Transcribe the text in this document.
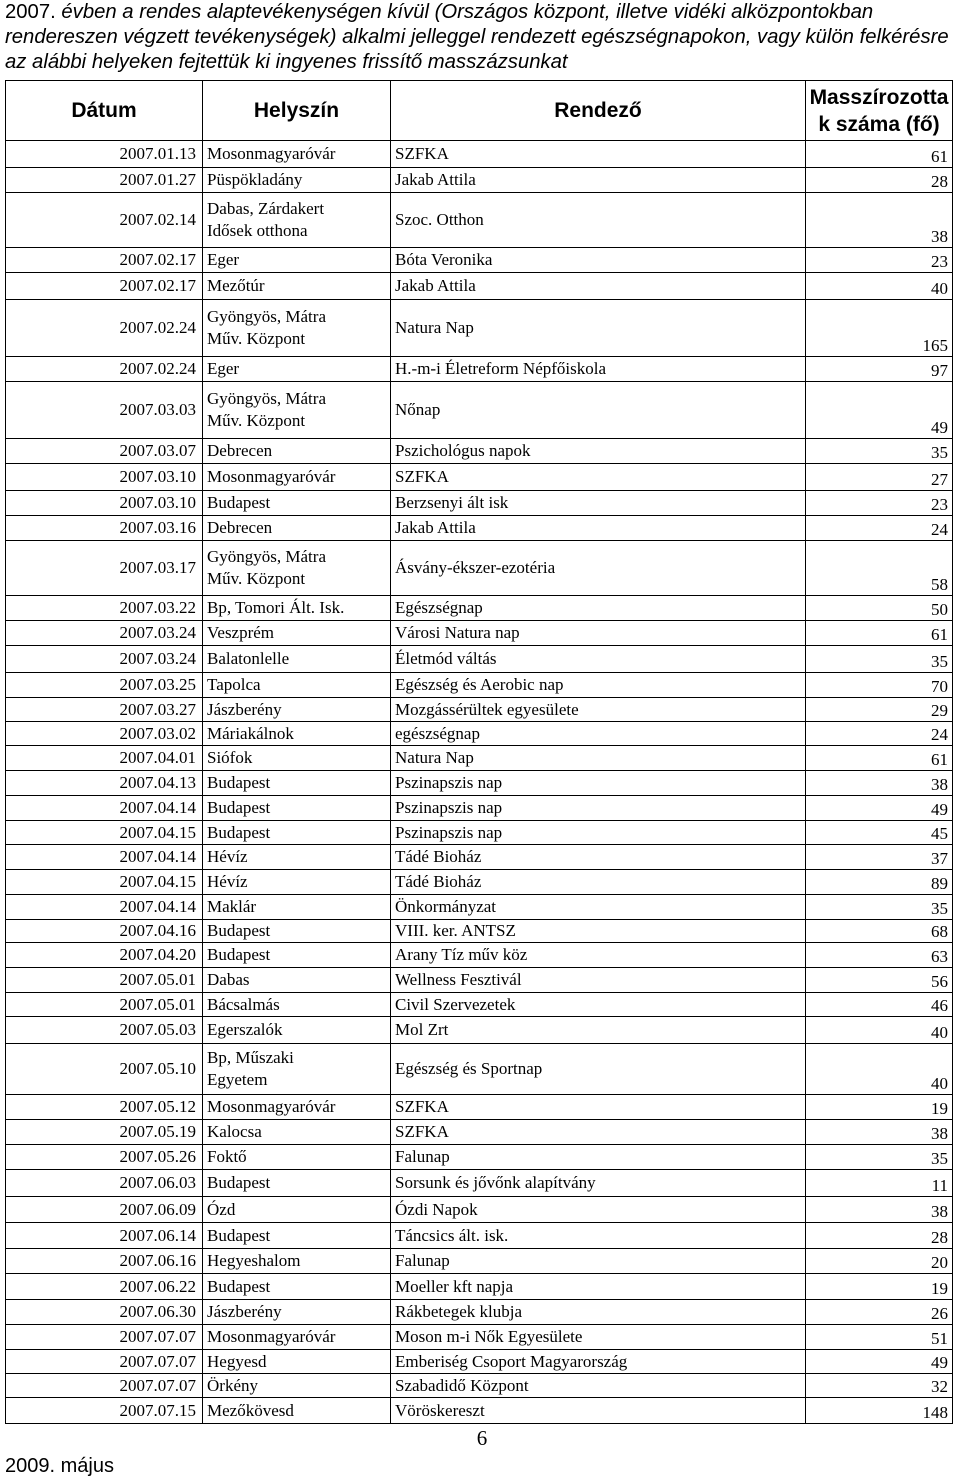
2007. évben a rendes alaptevékenységen kívül (Országos központ, illetve vidéki alközpontokban rendereszen végzett tevékenységek) alkalmi jelleggel rendezett egészségnapokon, vagy külön felkérésre az alábbi helyeken fejtettük ki ingyenes frissítő masszázsunkat

Dátum	Helyszín	Rendező	Masszírozotta
k száma (fő)
2007.01.13	Mosonmagyaróvár	SZFKA	61
2007.01.27	Püspökladány	Jakab Attila	28
2007.02.14	Dabas, Zárdakert
Idősek otthona	Szoc. Otthon	38
2007.02.17	Eger	Bóta Veronika	23
2007.02.17	Mezőtúr	Jakab Attila	40
2007.02.24	Gyöngyös, Mátra
Műv. Központ	Natura Nap	165
2007.02.24	Eger	H.-m-i Életreform Népfőiskola	97
2007.03.03	Gyöngyös, Mátra
Műv. Központ	Nőnap	49
2007.03.07	Debrecen	Pszichológus napok	35
2007.03.10	Mosonmagyaróvár	SZFKA	27
2007.03.10	Budapest	Berzsenyi ált isk	23
2007.03.16	Debrecen	Jakab Attila	24
2007.03.17	Gyöngyös, Mátra
Műv. Központ	Ásvány-ékszer-ezotéria	58
2007.03.22	Bp, Tomori Ált. Isk.	Egészségnap	50
2007.03.24	Veszprém	Városi Natura nap	61
2007.03.24	Balatonlelle	Életmód váltás	35
2007.03.25	Tapolca	Egészség és Aerobic nap	70
2007.03.27	Jászberény	Mozgássérültek egyesülete	29
2007.03.02	Máriakálnok	egészségnap	24
2007.04.01	Siófok	Natura Nap	61
2007.04.13	Budapest	Pszinapszis nap	38
2007.04.14	Budapest	Pszinapszis nap	49
2007.04.15	Budapest	Pszinapszis nap	45
2007.04.14	Hévíz	Tádé Bioház	37
2007.04.15	Hévíz	Tádé Bioház	89
2007.04.14	Maklár	Önkormányzat	35
2007.04.16	Budapest	VIII. ker. ANTSZ	68
2007.04.20	Budapest	Arany Tíz műv köz	63
2007.05.01	Dabas	Wellness Fesztivál	56
2007.05.01	Bácsalmás	Civil Szervezetek	46
2007.05.03	Egerszalók	Mol Zrt	40
2007.05.10	Bp, Műszaki
Egyetem	Egészség és Sportnap	40
2007.05.12	Mosonmagyaróvár	SZFKA	19
2007.05.19	Kalocsa	SZFKA	38
2007.05.26	Foktő	Falunap	35
2007.06.03	Budapest	Sorsunk és jővőnk alapítvány	11
2007.06.09	Ózd	Ózdi Napok	38
2007.06.14	Budapest	Táncsics ált. isk.	28
2007.06.16	Hegyeshalom	Falunap	20
2007.06.22	Budapest	Moeller kft napja	19
2007.06.30	Jászberény	Rákbetegek klubja	26
2007.07.07	Mosonmagyaróvár	Moson m-i Nők Egyesülete	51
2007.07.07	Hegyesd	Emberiség Csoport Magyarország	49
2007.07.07	Örkény	Szabadidő Központ	32
2007.07.15	Mezőkövesd	Vöröskereszt	148
6
2009. május
